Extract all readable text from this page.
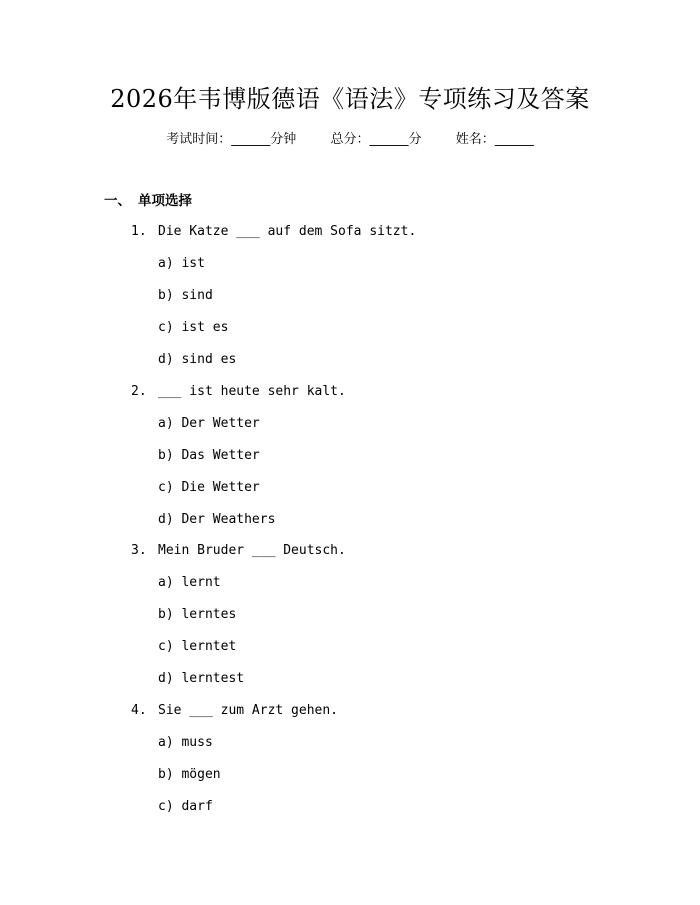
2026年韦博版德语《语法》专项练习及答案
考试时间：______分钟	总分：______分	姓名：______
一、 单项选择
1. Die Katze ___ auf dem Sofa sitzt.
a) ist
b) sind
c) ist es
d) sind es
2. ___ ist heute sehr kalt.
a) Der Wetter
b) Das Wetter
c) Die Wetter
d) Der Weathers
3. Mein Bruder ___ Deutsch.
a) lernt
b) lerntes
c) lerntet
d) lerntest
4. Sie ___ zum Arzt gehen.
a) muss
b) mögen
c) darf
